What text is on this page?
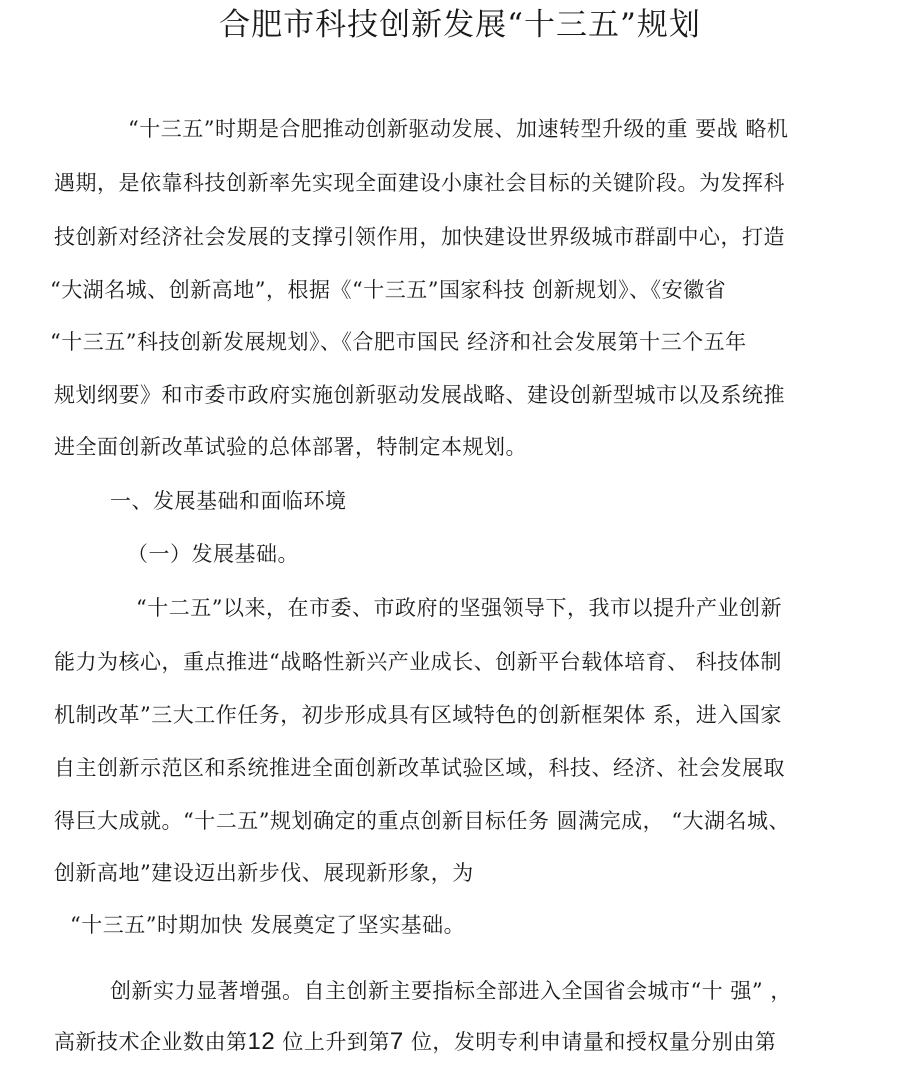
合肥市科技创新发展“十三五”规划
“十三五”时期是合肥推动创新驱动发展、加速转型升级的重 要战 略机
遇期，是依靠科技创新率先实现全面建设小康社会目标的关键阶段。为发挥科
技创新对经济社会发展的支撑引领作用，加快建设世界级城市群副中心，打造
“大湖名城、创新高地”，根据《“十三五”国家科技 创新规划》、《安徽省
“十三五”科技创新发展规划》、《合肥市国民 经济和社会发展第十三个五年
规划纲要》和市委市政府实施创新驱动发展战略、建设创新型城市以及系统推
进全面创新改革试验的总体部署，特制定本规划。
一、发展基础和面临环境
（一）发展基础。
“十二五”以来，在市委、市政府的坚强领导下，我市以提升产业创新
能力为核心，重点推进“战略性新兴产业成长、创新平台载体培育、 科技体制
机制改革”三大工作任务，初步形成具有区域特色的创新框架体 系，进入国家
自主创新示范区和系统推进全面创新改革试验区域，科技、经济、社会发展取
得巨大成就。“十二五”规划确定的重点创新目标任务 圆满完成， “大湖名城、
创新高地”建设迈出新步伐、展现新形象，为
“十三五”时期加快 发展奠定了坚实基础。
创新实力显著增强。自主创新主要指标全部进入全国省会城市“十 强” ，
高新技术企业数由第12 位上升到第7 位，发明专利申请量和授权量分别由第
